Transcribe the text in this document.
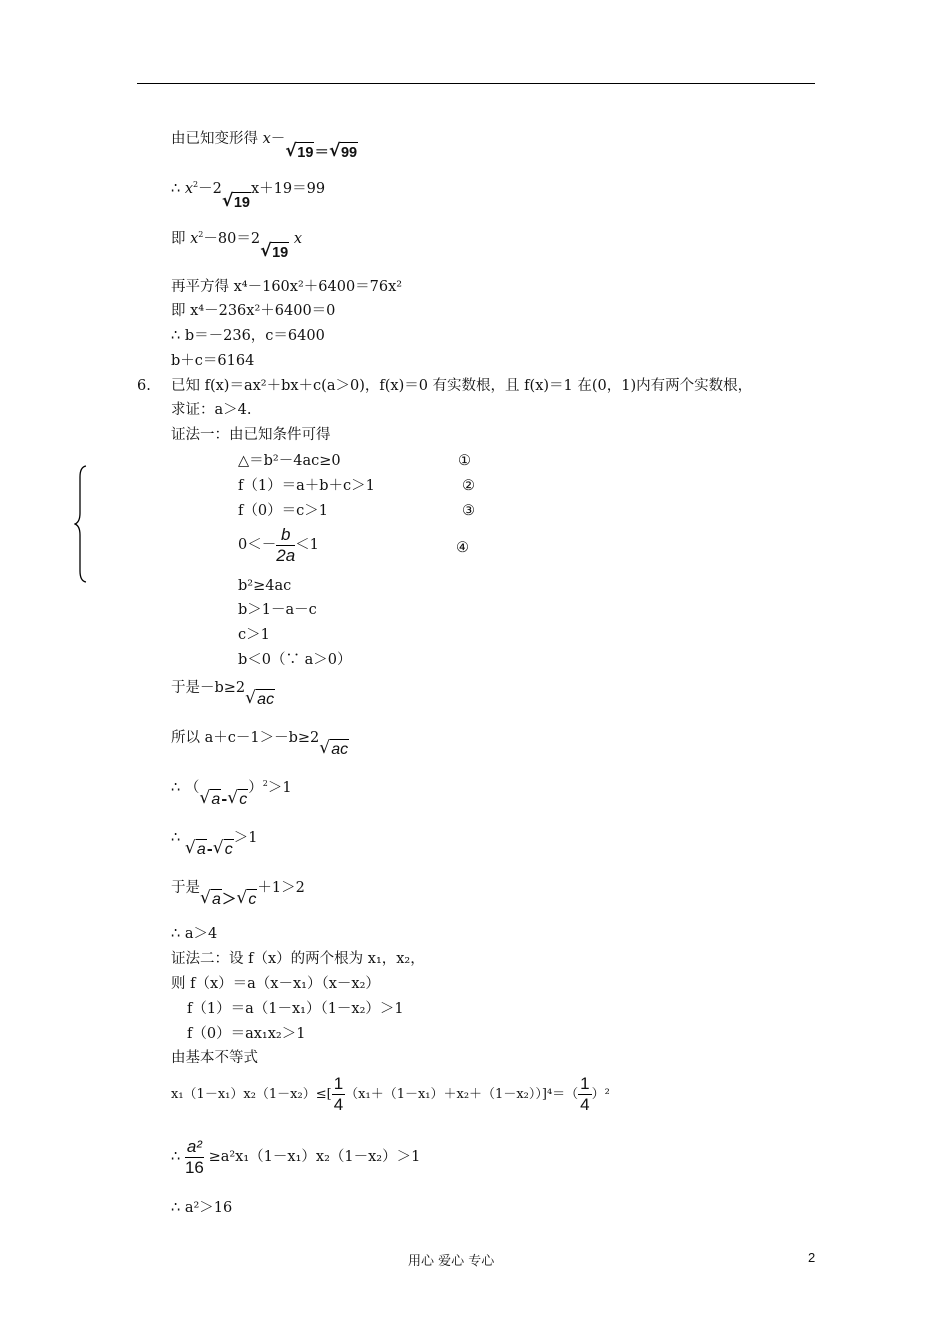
由已知变形得 x－
√ 19＝ √ 99
∴ $x^2-2$
√ 19x＋19＝99
即 $x^2-80=2$
√ 19 x
再平方得 x⁴－160x²＋6400＝76x²
即 x⁴－236x²＋6400＝0
∴ b＝－236，c＝6400
b＋c＝6164
6. 已知 f(x)＝ax²＋bx＋c(a＞0)，f(x)＝0 有实数根，且 f(x)＝1 在(0，1)内有两个实数根，
求证：a＞4.
证法一：由已知条件可得
△＝b²－4ac≥0	①
f（1）＝a＋b＋c＞1	②
f（0）＝c＞1	③
$0<- \frac{b}{2a} <1$	④
b²≥4ac
b＞1－a－c
c＞1
b＜0（∵ a＞0）
于是－b≥2 √ ac
所以 a＋c－1＞－b≥2 √ ac
∴ （ √ a- √ c）$^2$＞1
∴ √ a- √ c＞1
于是 √ a＞ √ c＋1＞2
∴ a＞4
证法二：设 f（x）的两个根为 x₁，x₂，
则 f（x）＝a（x－x₁）（x－x₂）
f（1）＝a（1－x₁）（1－x₂）＞1
f（0）＝ax₁x₂＞1
由基本不等式
$x_1(1-x_1)x_2(1-x_2)\le[ \frac{1}{4} (x_1+(1-x_1)+x_2+(1-x_2))]^4=( \frac{1}{4} )^2$
∴ $\frac{\text{a²}}{16} \ge a^2x_1(1-x_1)x_2(1-x_2)>1$
∴ a²＞16
用心 爱心 专心	2
